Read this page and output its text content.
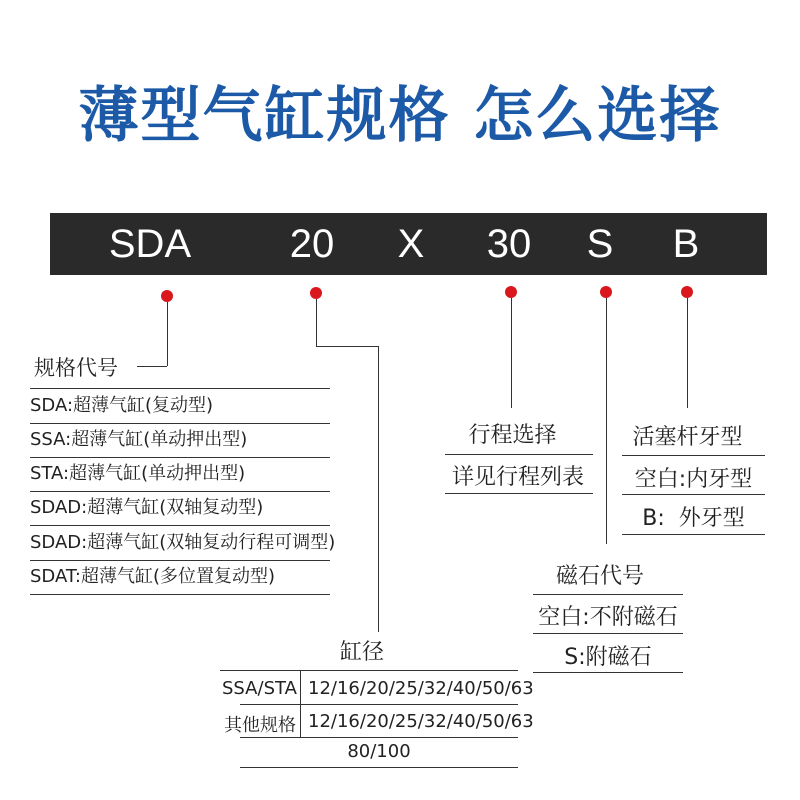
薄型气缸规格 怎么选择
SDA 20 X 30 S B
规格代号
SDA:超薄气缸(复动型)
SSA:超薄气缸(单动押出型)
STA:超薄气缸(单动押出型)
SDAD:超薄气缸(双轴复动型)
SDAD:超薄气缸(双轴复动行程可调型)
SDAT:超薄气缸(多位置复动型)
缸径
SSA/STA 12/16/20/25/32/40/50/63
其他规格 12/16/20/25/32/40/50/63
80/100
行程选择
详见行程列表
磁石代号
空白:不附磁石
S:附磁石
活塞杆牙型
空白:内牙型
B:  外牙型
